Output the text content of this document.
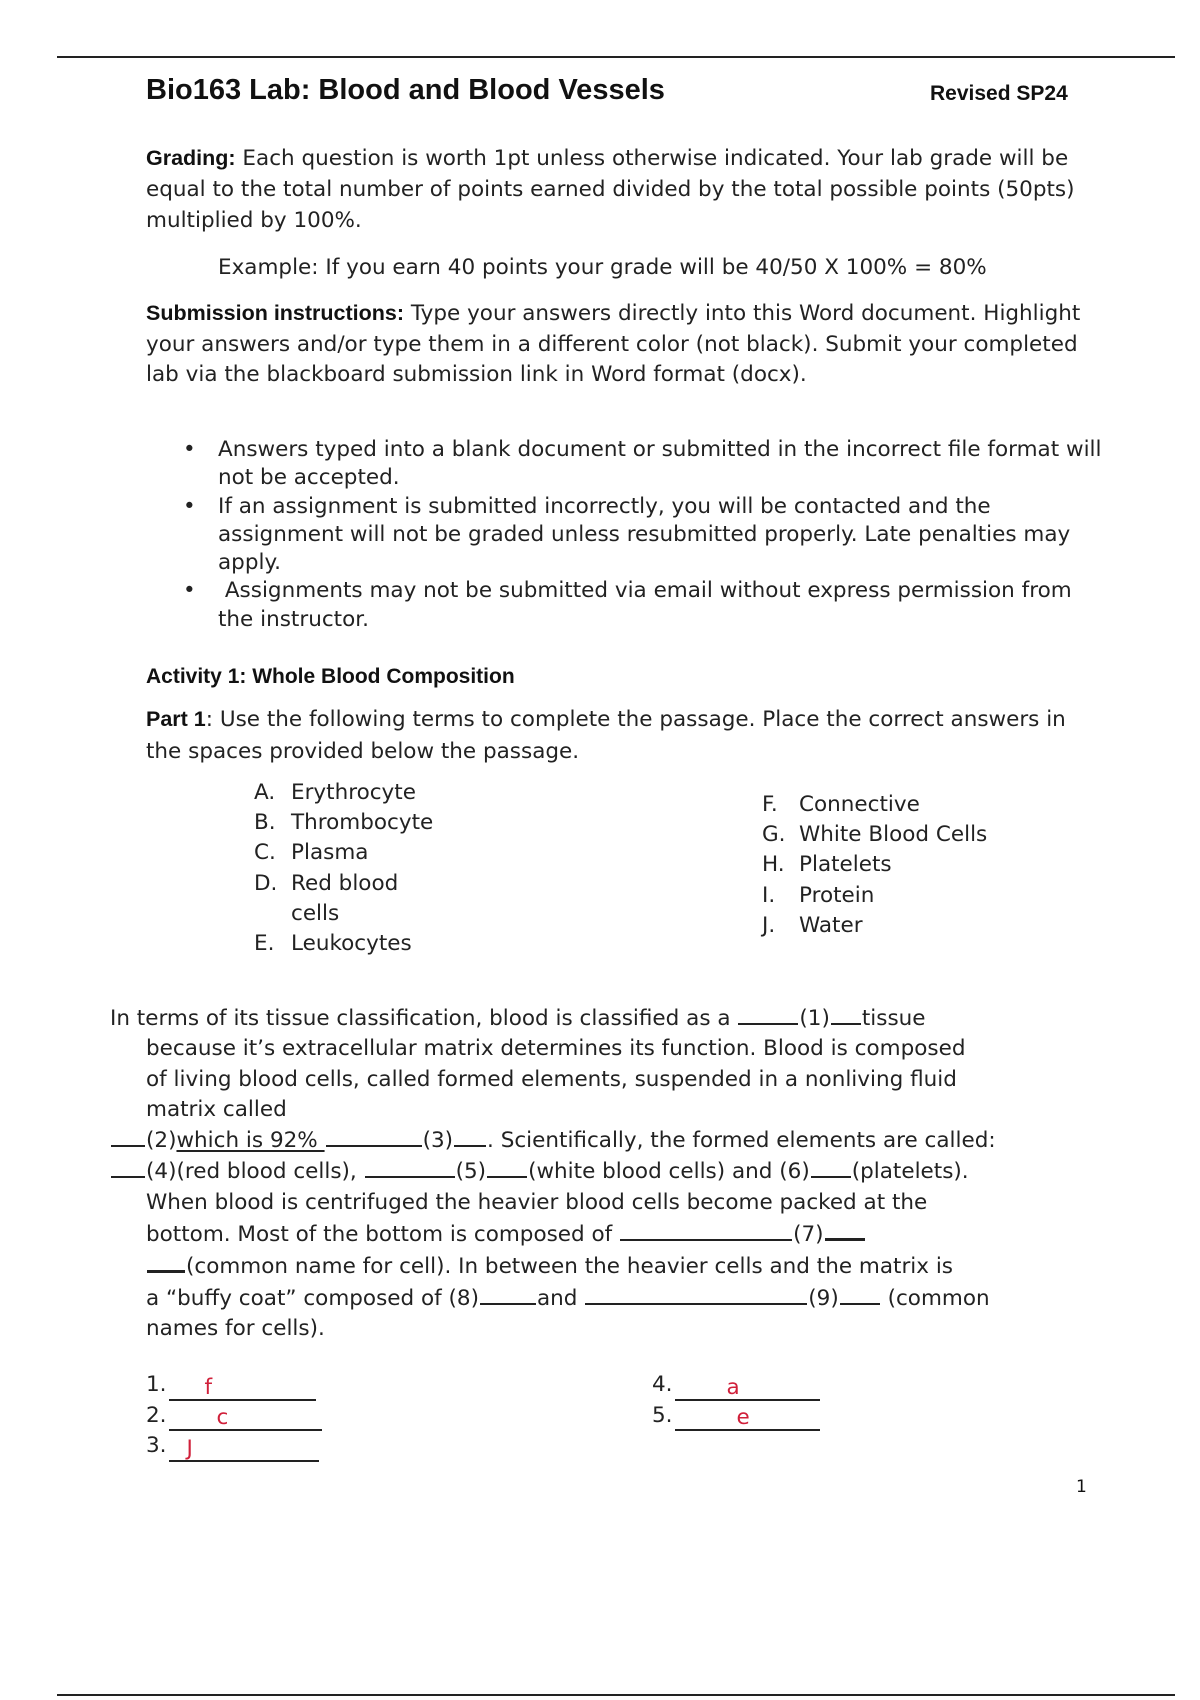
Bio163 Lab: Blood and Blood Vessels	Revised SP24
Grading: Each question is worth 1pt unless otherwise indicated. Your lab grade will be equal to the total number of points earned divided by the total possible points (50pts) multiplied by 100%.
Example: If you earn 40 points your grade will be 40/50 X 100% = 80%
Submission instructions: Type your answers directly into this Word document. Highlight your answers and/or type them in a different color (not black). Submit your completed lab via the blackboard submission link in Word format (docx).
• Answers typed into a blank document or submitted in the incorrect file format will not be accepted.
• If an assignment is submitted incorrectly, you will be contacted and the assignment will not be graded unless resubmitted properly. Late penalties may apply.
• Assignments may not be submitted via email without express permission from the instructor.
Activity 1: Whole Blood Composition
Part 1: Use the following terms to complete the passage. Place the correct answers in the spaces provided below the passage.
A. Erythrocyte
B. Thrombocyte
C. Plasma
D. Red blood cells
E. Leukocytes
F. Connective
G. White Blood Cells
H. Platelets
I. Protein
J. Water
In terms of its tissue classification, blood is classified as a	(1) tissue
because it’s extracellular matrix determines its function. Blood is composed
of living blood cells, called formed elements, suspended in a nonliving fluid
matrix called
(2)which is 92%	(3) . Scientifically, the formed elements are called:
(4)(red blood cells),	(5) (white blood cells) and (6) (platelets).
When blood is centrifuged the heavier blood cells become packed at the
bottom. Most of the bottom is composed of	(7)
(common name for cell). In between the heavier cells and the matrix is
a “buffy coat” composed of (8)	and	(9) (common
names for cells).
1. f
2. c
3. J
4.	a
5.	e
1
